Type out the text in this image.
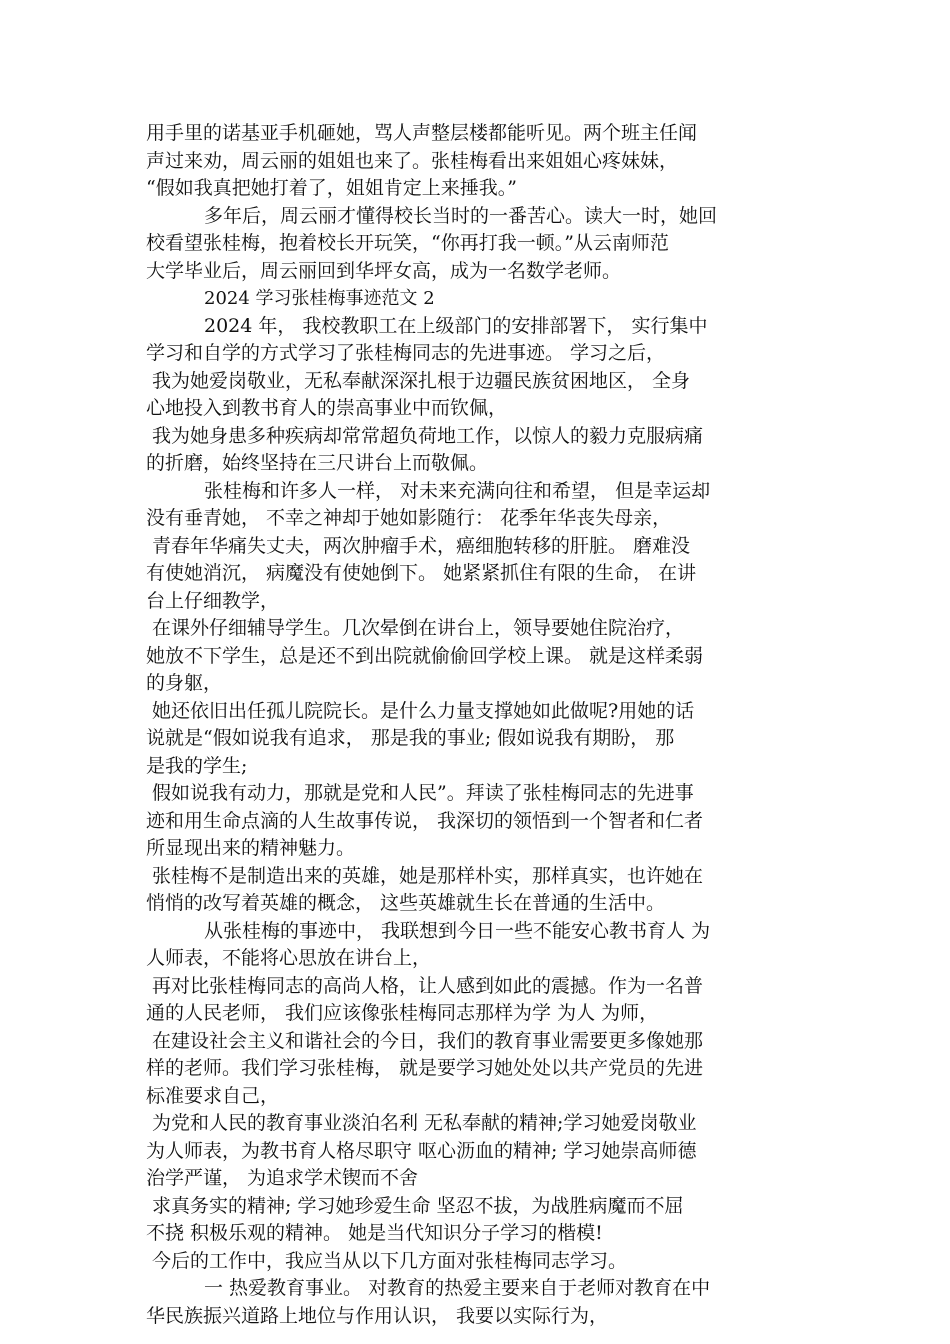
用手里的诺基亚手机砸她，骂人声整层楼都能听见。两个班主任闻
声过来劝，周云丽的姐姐也来了。张桂梅看出来姐姐心疼妹妹，
“假如我真把她打着了，姐姐肯定上来捶我。”
多年后，周云丽才懂得校长当时的一番苦心。读大一时，她回
校看望张桂梅，抱着校长开玩笑，“你再打我一顿。”从云南师范
大学毕业后，周云丽回到华坪女高，成为一名数学老师。
2024 学习张桂梅事迹范文 2
2024 年， 我校教职工在上级部门的安排部署下， 实行集中
学习和自学的方式学习了张桂梅同志的先进事迹。 学习之后，
我为她爱岗敬业，无私奉献深深扎根于边疆民族贫困地区， 全身
心地投入到教书育人的崇高事业中而钦佩，
我为她身患多种疾病却常常超负荷地工作，以惊人的毅力克服病痛
的折磨，始终坚持在三尺讲台上而敬佩。
张桂梅和许多人一样， 对未来充满向往和希望， 但是幸运却
没有垂青她， 不幸之神却于她如影随行： 花季年华丧失母亲，
青春年华痛失丈夫，两次肿瘤手术，癌细胞转移的肝脏。 磨难没
有使她消沉， 病魔没有使她倒下。 她紧紧抓住有限的生命， 在讲
台上仔细教学，
在课外仔细辅导学生。几次晕倒在讲台上，领导要她住院治疗，
她放不下学生，总是还不到出院就偷偷回学校上课。 就是这样柔弱
的身躯，
她还依旧出任孤儿院院长。是什么力量支撑她如此做呢?用她的话
说就是“假如说我有追求， 那是我的事业; 假如说我有期盼， 那
是我的学生;
假如说我有动力，那就是党和人民”。拜读了张桂梅同志的先进事
迹和用生命点滴的人生故事传说， 我深切的领悟到一个智者和仁者
所显现出来的精神魅力。
张桂梅不是制造出来的英雄，她是那样朴实，那样真实，也许她在
悄悄的改写着英雄的概念， 这些英雄就生长在普通的生活中。
从张桂梅的事迹中， 我联想到今日一些不能安心教书育人 为
人师表，不能将心思放在讲台上，
再对比张桂梅同志的高尚人格，让人感到如此的震撼。作为一名普
通的人民老师， 我们应该像张桂梅同志那样为学 为人 为师，
在建设社会主义和谐社会的今日，我们的教育事业需要更多像她那
样的老师。我们学习张桂梅， 就是要学习她处处以共产党员的先进
标准要求自己，
为党和人民的教育事业淡泊名利 无私奉献的精神;学习她爱岗敬业
为人师表，为教书育人格尽职守 呕心沥血的精神; 学习她崇高师德
治学严谨， 为追求学术锲而不舍
求真务实的精神; 学习她珍爱生命 坚忍不拔，为战胜病魔而不屈
不挠 积极乐观的精神。 她是当代知识分子学习的楷模!
今后的工作中，我应当从以下几方面对张桂梅同志学习。
一 热爱教育事业。 对教育的热爱主要来自于老师对教育在中
华民族振兴道路上地位与作用认识， 我要以实际行为，
